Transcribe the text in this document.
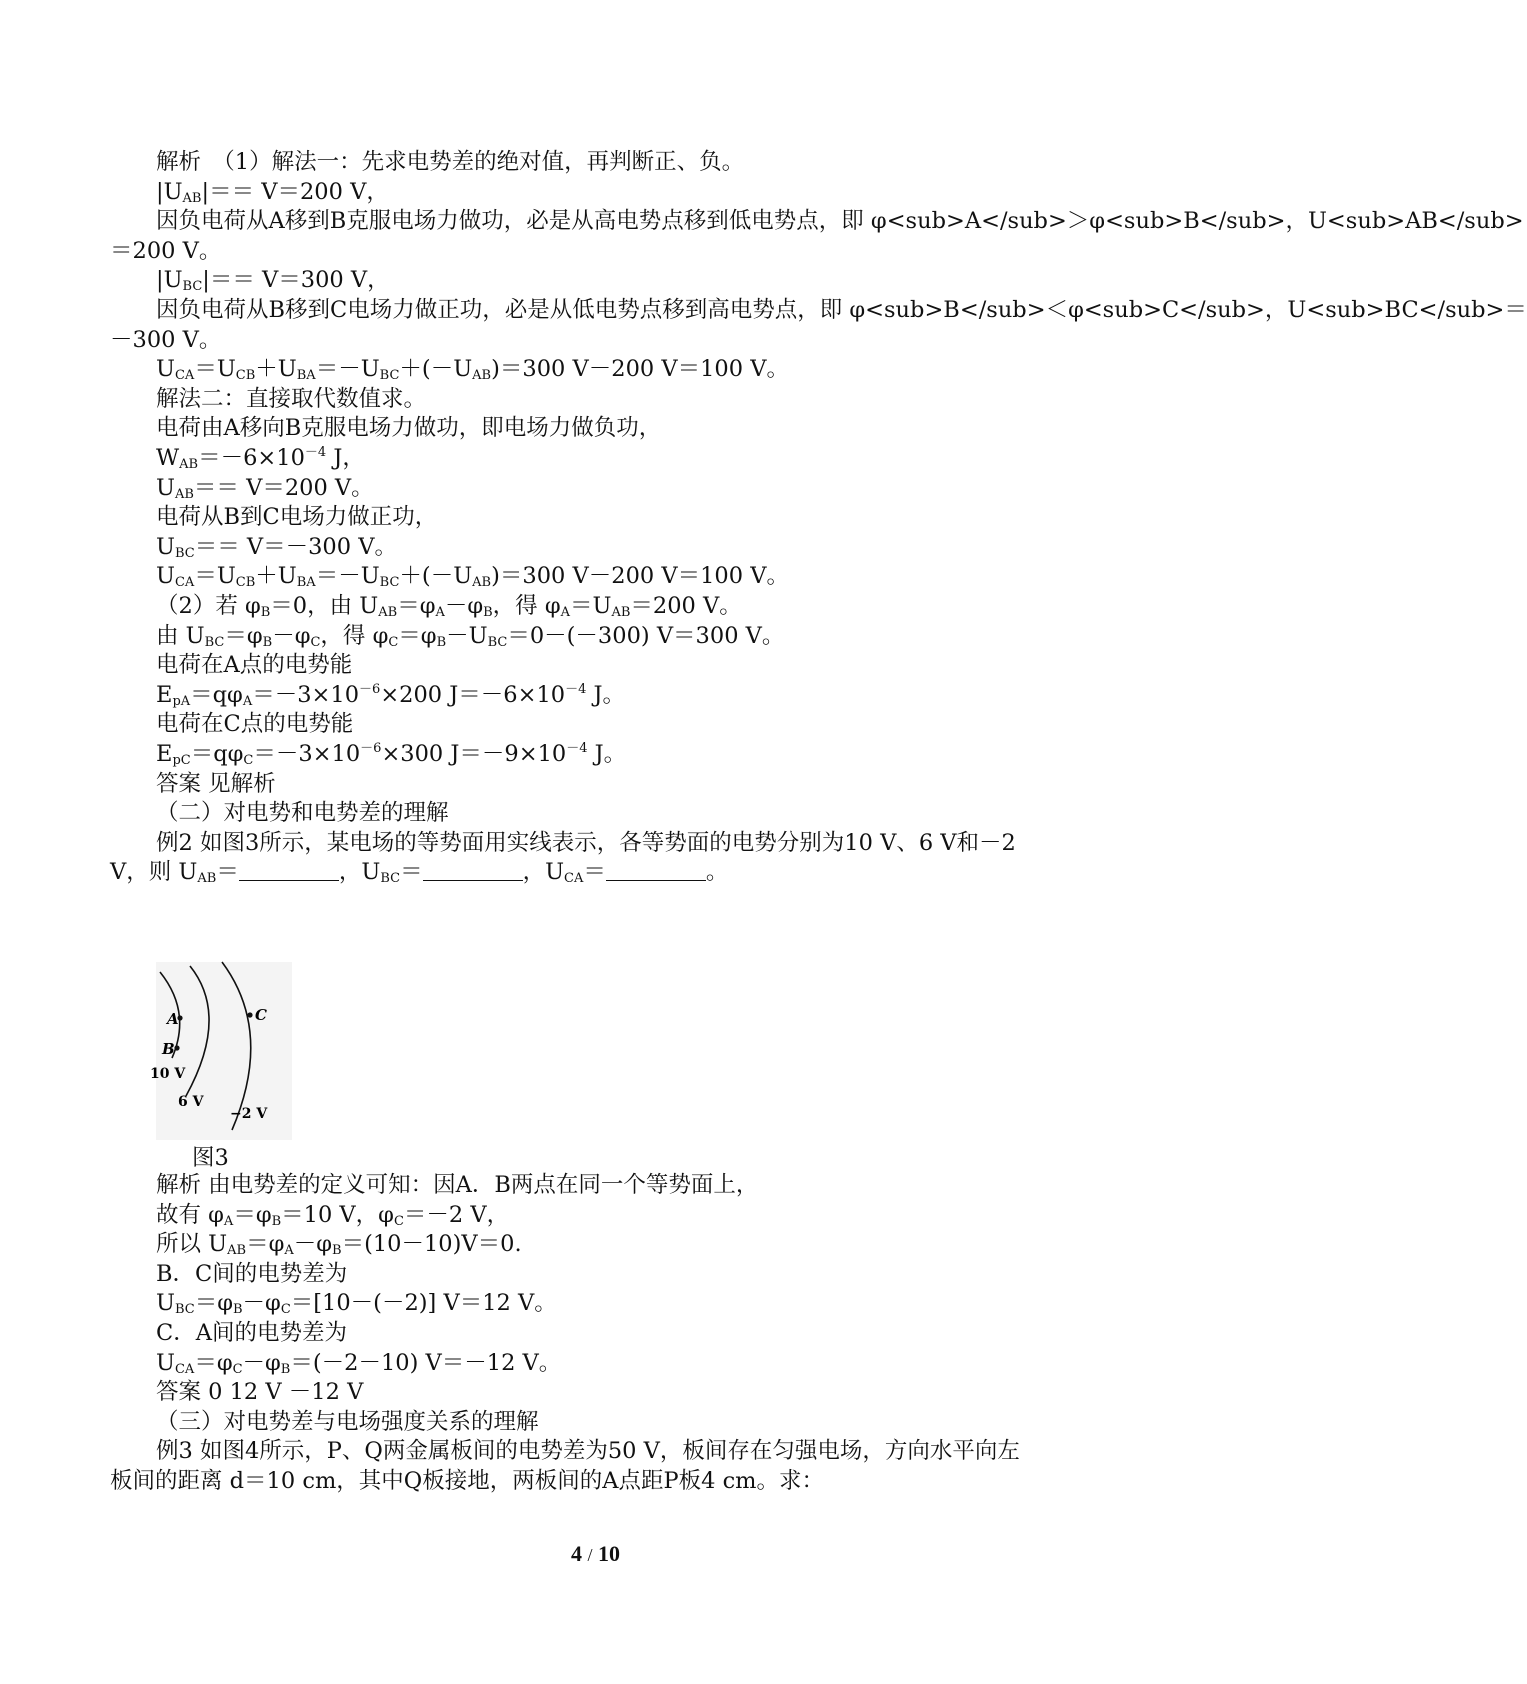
解析　（1）解法一：先求电势差的绝对值，再判断正、负。
$|U_{AB}|== V=200$ V，
因负电荷从A移到B克服电场力做功，必是从高电势点移到低电势点，即 φ<sub>A</sub>＞φ<sub>B</sub>，U<sub>AB</sub>
＝200 V。
$|U_{BC}|== V=300$ V，
因负电荷从B移到C电场力做正功，必是从低电势点移到高电势点，即 φ<sub>B</sub>＜φ<sub>C</sub>，U<sub>BC</sub>＝
－300 V。
$U_{CA}=U_{CB}+U_{BA}=-U_{BC}+(-U_{AB})=300$ V－200 V＝100 V。
解法二：直接取代数值求。
电荷由A移向B克服电场力做功，即电场力做负功，
$W_{AB}=-6\times 10^{-4}$ J，
$U_{AB}== V=200$ V。
电荷从B到C电场力做正功，
$U_{BC}== V=-300$ V。
$U_{CA}=U_{CB}+U_{BA}=-U_{BC}+(-U_{AB})=300$ V－200 V＝100 V。
（2）若 $\varphi_B=0$，由 $U_{AB}=\varphi_A-\varphi_B$，得 $\varphi_A=U_{AB}=200$ V。
由 $U_{BC}=\varphi_B-\varphi_C$，得 $\varphi_C=\varphi_B-U_{BC}=0-(-300)$ V＝300 V。
电荷在A点的电势能
$E_{pA}=q\varphi_A=-3\times 10^{-6}\times 200$ $J=-6\times 10^{-4}$ J。
电荷在C点的电势能
$E_{pC}=q\varphi_C=-3\times 10^{-6}\times 300$ $J=-9\times 10^{-4}$ J。
答案 见解析
（二）对电势和电势差的理解
例2 如图3所示，某电场的等势面用实线表示，各等势面的电势分别为10 V、6 V和－2
V，则 $U_{AB}=$	，$U_{BC}=$	，$U_{CA}=$	。
A
B
C
10 V
6 V
−2 V
图3
解析 由电势差的定义可知：因A．B两点在同一个等势面上，
故有 $\varphi_A=\varphi_B=10$ V，$\varphi_C=-2$ V，
所以 $U_{AB}=\varphi_A-\varphi_B=(10-10)V=0$.
B．C间的电势差为
$U_{BC}=\varphi_B-\varphi_C=[10-(-2)]$ V＝12 V。
C．A间的电势差为
$U_{CA}=\varphi_C-\varphi_B=(-2-10)$ V＝－12 V。
答案 0 12 V －12 V
（三）对电势差与电场强度关系的理解
例3 如图4所示，P、Q两金属板间的电势差为50 V，板间存在匀强电场，方向水平向左
板间的距离 d＝10 cm，其中Q板接地，两板间的A点距P板4 cm。求：
4 / 10
